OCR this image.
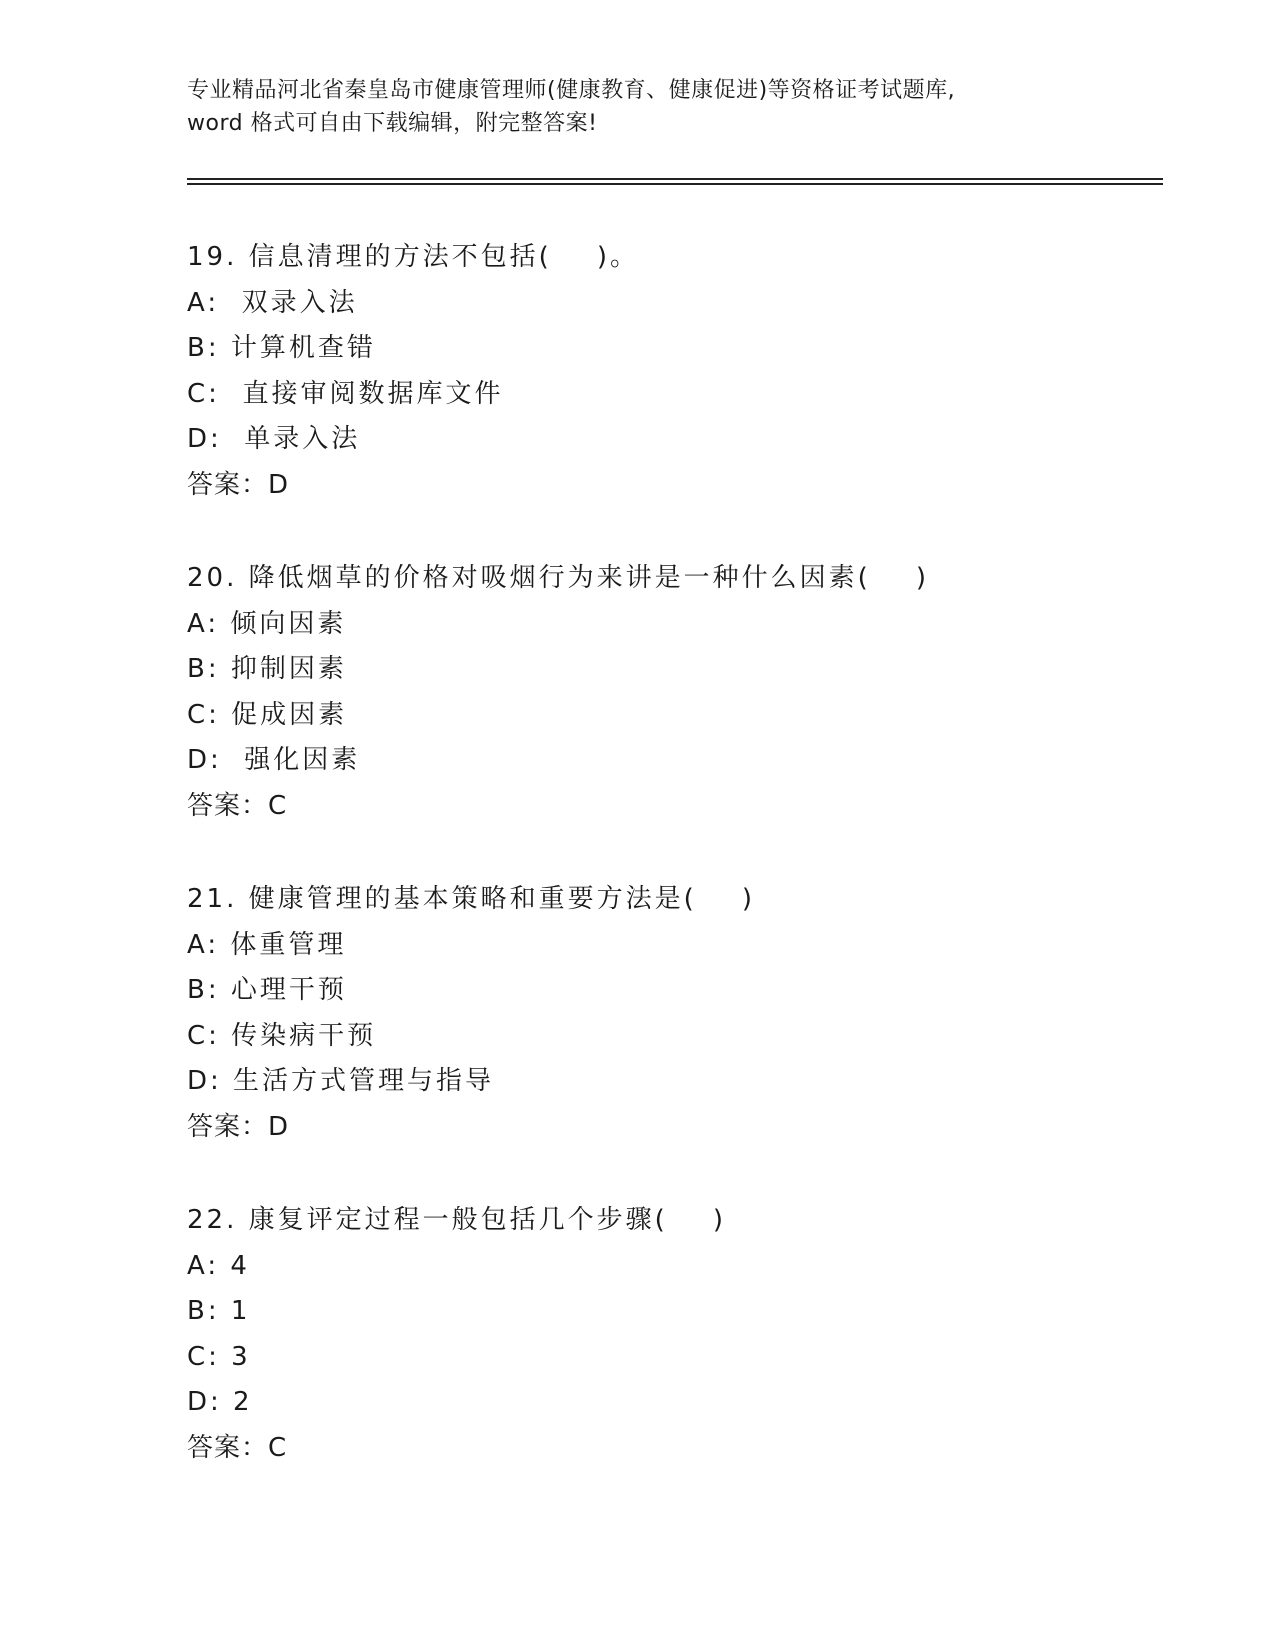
专业精品河北省秦皇岛市健康管理师(健康教育、健康促进)等资格证考试题库,
word 格式可自由下载编辑，附完整答案!
19. 信息清理的方法不包括(    )。
A:  双录入法
B: 计算机查错
C:  直接审阅数据库文件
D:  单录入法
答案：D
20. 降低烟草的价格对吸烟行为来讲是一种什么因素(    )
A: 倾向因素
B: 抑制因素
C: 促成因素
D:  强化因素
答案：C
21. 健康管理的基本策略和重要方法是(    )
A: 体重管理
B: 心理干预
C: 传染病干预
D: 生活方式管理与指导
答案：D
22. 康复评定过程一般包括几个步骤(    )
A: 4
B: 1
C: 3
D: 2
答案：C
